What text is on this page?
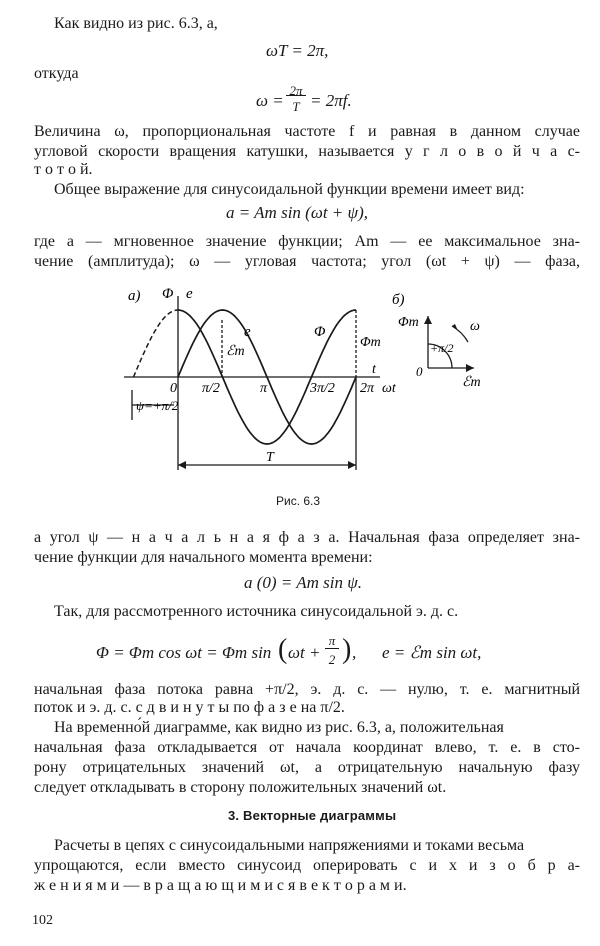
Как видно из рис. 6.3, a,
ωT = 2π,
откуда
ω =
2π
T = 2πf.
Величина ω, пропорциональная частоте f и равная в данном случае
угловой скорости вращения катушки, называется у г л о в о й ч а с-
т о т о й.
Общее выражение для синусоидальной функции времени имеет вид:
a = Am sin (ωt + ψ),
где a — мгновенное значение функции; Am — ее максимальное зна-
чение (амплитуда); ω — угловая частота; угол (ωt + ψ) — фаза,
a) Φ e
e	Φ
ℰm
Φm
t
0 π/2	π	3π/2 2π ωt
ψ=+π/2
T
б)
Φm	ω
+π/2
0
ℰm
Рис. 6.3
а угол ψ — н а ч а л ь н а я ф а з а. Начальная фаза определяет зна-
чение функции для начального момента времени:
a (0) = Am sin ψ.
Так, для рассмотренного источника синусоидальной э. д. с.
Φ = Φm cos ωt = Φm sin ( ωt +
π
2 ) , e = ℰm sin ωt,
начальная фаза потока равна +π/2, э. д. с. — нулю, т. е. магнитный
поток и э. д. с. с д в и н у т ы по ф а з е на π/2.
На временно́й диаграмме, как видно из рис. 6.3, a, положительная
начальная фаза откладывается от начала координат влево, т. е. в сто-
рону отрицательных значений ωt, а отрицательную начальную фазу
следует откладывать в сторону положительных значений ωt.
3. Векторные диаграммы
Расчеты в цепях с синусоидальными напряжениями и токами весьма
упрощаются, если вместо синусоид оперировать с и х и з о б р а-
ж е н и я м и — в р а щ а ю щ и м и с я в е к т о р а м и.
102
